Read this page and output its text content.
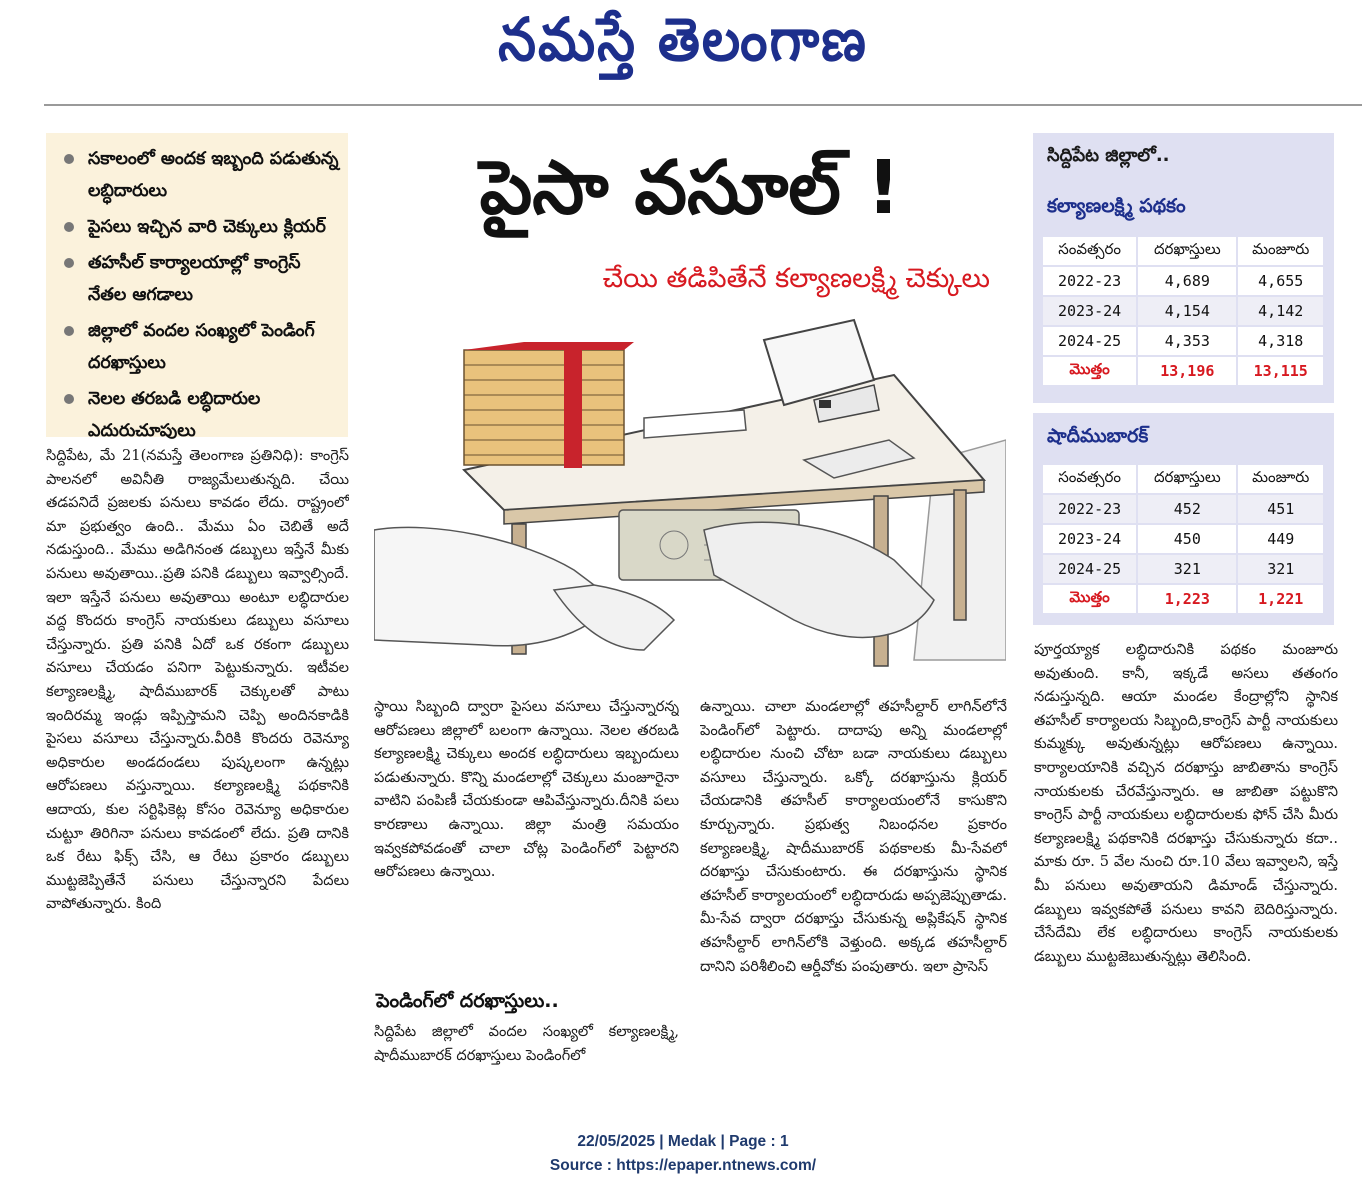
నమస్తే తెలంగాణ
సకాలంలో అందక ఇబ్బంది పడుతున్న లబ్ధిదారులు
పైసలు ఇచ్చిన వారి చెక్కులు క్లియర్
తహసీల్ కార్యాలయాల్లో కాంగ్రెస్ నేతల ఆగడాలు
జిల్లాలో వందల సంఖ్యలో పెండింగ్ దరఖాస్తులు
నెలల తరబడి లబ్ధిదారుల ఎదురుచూపులు
పైసా వసూల్ !
చేయి తడిపితేనే కల్యాణలక్ష్మి చెక్కులు

సిద్దిపేట, మే 21(నమస్తే తెలంగాణ ప్రతినిధి): కాంగ్రెస్ పాలనలో అవినీతి రాజ్యమేలుతున్నది. చేయి తడపనిదే ప్రజలకు పనులు కావడం లేదు. రాష్ట్రంలో మా ప్రభుత్వం ఉంది.. మేము ఏం చెబితే అదే నడుస్తుంది.. మేము అడిగినంత డబ్బులు ఇస్తేనే మీకు పనులు అవుతాయి..ప్రతి పనికి డబ్బులు ఇవ్వాల్సిందే. ఇలా ఇస్తేనే పనులు అవుతాయి అంటూ లబ్ధిదారుల వద్ద కొందరు కాంగ్రెస్ నాయకులు డబ్బులు వసూలు చేస్తున్నారు. ప్రతి పనికి ఏదో ఒక రకంగా డబ్బులు వసూలు చేయడం పనిగా పెట్టుకున్నారు. ఇటీవల కల్యాణలక్ష్మి, షాదీముబారక్ చెక్కులతో పాటు ఇందిరమ్మ ఇండ్లు ఇప్పిస్తామని చెప్పి అందినకాడికి పైసలు వసూలు చేస్తున్నారు.వీరికి కొందరు రెవెన్యూ అధికారుల అండదండలు పుష్కలంగా ఉన్నట్లు ఆరోపణలు వస్తున్నాయి. కల్యాణలక్ష్మి పథకానికి ఆదాయ, కుల సర్టిఫికెట్ల కోసం రెవెన్యూ అధికారుల చుట్టూ తిరిగినా పనులు కావడంలో లేదు. ప్రతి దానికి ఒక రేటు ఫిక్స్ చేసి, ఆ రేటు ప్రకారం డబ్బులు ముట్టజెప్పితేనే పనులు చేస్తున్నారని పేదలు వాపోతున్నారు. కింది

స్థాయి సిబ్బంది ద్వారా పైసలు వసూలు చేస్తున్నారన్న ఆరోపణలు జిల్లాలో బలంగా ఉన్నాయి. నెలల తరబడి కల్యాణలక్ష్మి చెక్కులు అందక లబ్ధిదారులు ఇబ్బందులు పడుతున్నారు. కొన్ని మండలాల్లో చెక్కులు మంజూరైనా వాటిని పంపిణీ చేయకుండా ఆపివేస్తున్నారు.దీనికి పలు కారణాలు ఉన్నాయి. జిల్లా మంత్రి సమయం ఇవ్వకపోవడంతో చాలా చోట్ల పెండింగ్‌లో పెట్టారని ఆరోపణలు ఉన్నాయి.

పెండింగ్‌లో దరఖాస్తులు..

సిద్దిపేట జిల్లాలో వందల సంఖ్యలో కల్యాణలక్ష్మి, షాదీముబారక్ దరఖాస్తులు పెండింగ్‌లో

ఉన్నాయి. చాలా మండలాల్లో తహసీల్దార్ లాగిన్‌లోనే పెండింగ్‌లో పెట్టారు. దాదాపు అన్ని మండలాల్లో లబ్ధిదారుల నుంచి చోటా బడా నాయకులు డబ్బులు వసూలు చేస్తున్నారు. ఒక్కో దరఖాస్తును క్లియర్ చేయడానికి తహసీల్ కార్యాలయంలోనే కాసుకొని కూర్చున్నారు. ప్రభుత్వ నిబంధనల ప్రకారం కల్యాణలక్ష్మి, షాదీముబారక్ పథకాలకు మీ-సేవలో దరఖాస్తు చేసుకుంటారు. ఈ దరఖాస్తును స్థానిక తహసీల్ కార్యాలయంలో లబ్ధిదారుడు అప్పజెప్పుతాడు. మీ-సేవ ద్వారా దరఖాస్తు చేసుకున్న అప్లికేషన్ స్థానిక తహసీల్దార్ లాగిన్‌లోకి వెళ్తుంది. అక్కడ తహసీల్దార్ దానిని పరిశీలించి ఆర్డీవోకు పంపుతారు. ఇలా ప్రాసెస్

పూర్తయ్యాక లబ్ధిదారునికి పథకం మంజూరు అవుతుంది. కానీ, ఇక్కడే అసలు తతంగం నడుస్తున్నది. ఆయా మండల కేంద్రాల్లోని స్థానిక తహసీల్ కార్యాలయ సిబ్బంది,కాంగ్రెస్ పార్టీ నాయకులు కుమ్మక్కు అవుతున్నట్లు ఆరోపణలు ఉన్నాయి. కార్యాలయానికి వచ్చిన దరఖాస్తు జాబితాను కాంగ్రెస్ నాయకులకు చేరవేస్తున్నారు. ఆ జాబితా పట్టుకొని కాంగ్రెస్ పార్టీ నాయకులు లబ్ధిదారులకు ఫోన్ చేసి మీరు కల్యాణలక్ష్మి పథకానికి దరఖాస్తు చేసుకున్నారు కదా.. మాకు రూ. 5 వేల నుంచి రూ.10 వేలు ఇవ్వాలని, ఇస్తే మీ పనులు అవుతాయని డిమాండ్ చేస్తున్నారు. డబ్బులు ఇవ్వకపోతే పనులు కావని బెదిరిస్తున్నారు. చేసేదేమి లేక లబ్ధిదారులు కాంగ్రెస్ నాయకులకు డబ్బులు ముట్టజెబుతున్నట్లు తెలిసింది.

సిద్దిపేట జిల్లాలో..
కల్యాణలక్ష్మి పథకం
సంవత్సరం	దరఖాస్తులు	మంజూరు
2022-23	4,689	4,655
2023-24	4,154	4,142
2024-25	4,353	4,318
మొత్తం	13,196	13,115
షాదీముబారక్
సంవత్సరం	దరఖాస్తులు	మంజూరు
2022-23	452	451
2023-24	450	449
2024-25	321	321
మొత్తం	1,223	1,221
22/05/2025 | Medak | Page : 1
Source : https://epaper.ntnews.com/
